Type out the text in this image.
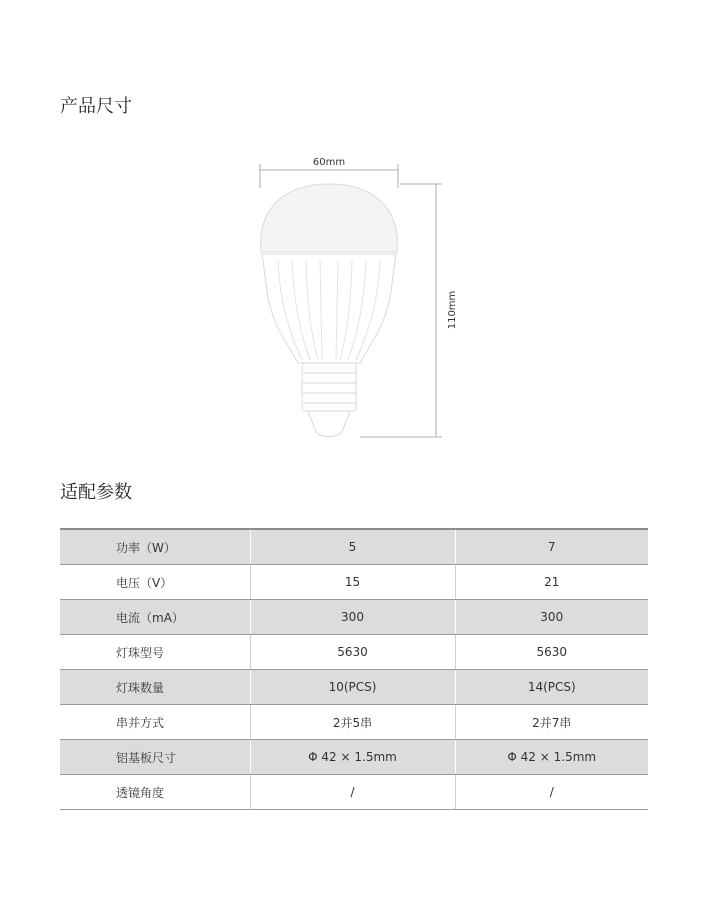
产品尺寸
60mm
110mm
适配参数
功率（W）	5	7
电压（V）	15	21
电流（mA）	300	300
灯珠型号	5630	5630
灯珠数量	10(PCS)	14(PCS)
串并方式	2并5串	2并7串
铝基板尺寸	Φ 42 × 1.5mm	Φ 42 × 1.5mm
透镜角度	/	/
